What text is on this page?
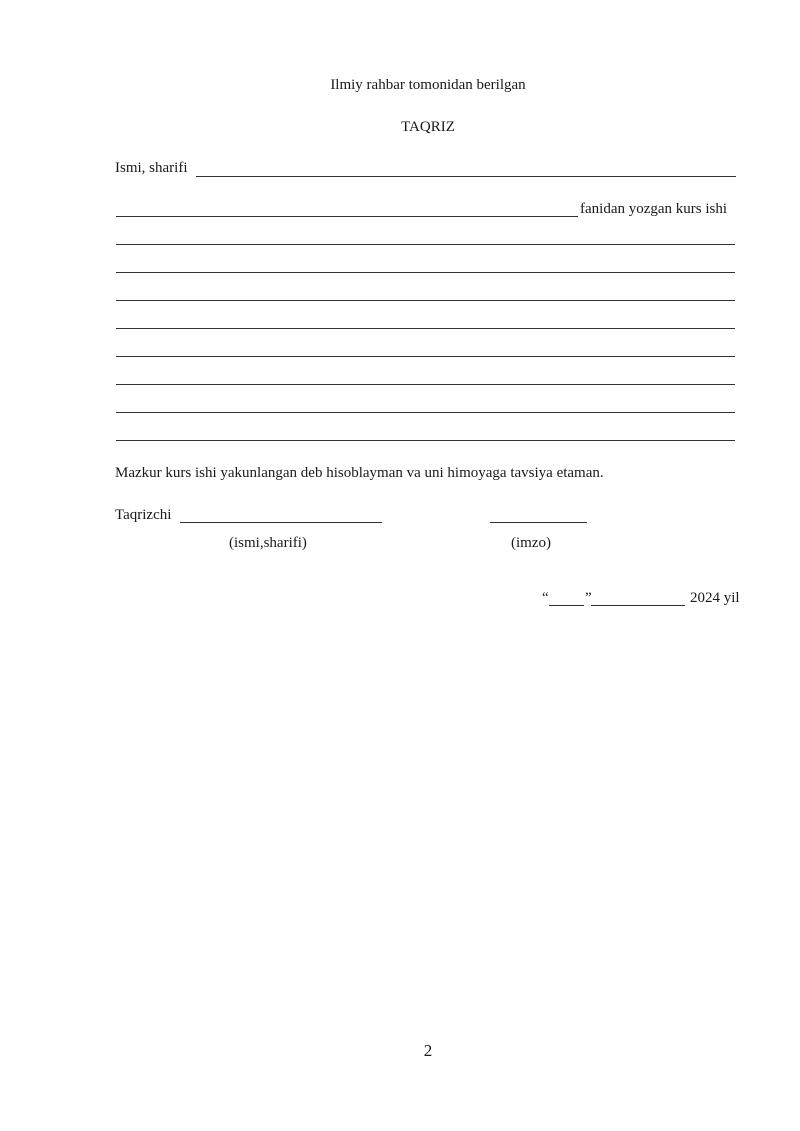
Ilmiy rahbar tomonidan berilgan
TAQRIZ
Ismi, sharifi
fanidan yozgan kurs ishi
Mazkur kurs ishi yakunlangan deb hisoblayman va uni himoyaga tavsiya etaman.
Taqrizchi
(ismi,sharifi)	(imzo)
“ ”	2024 yil
2
